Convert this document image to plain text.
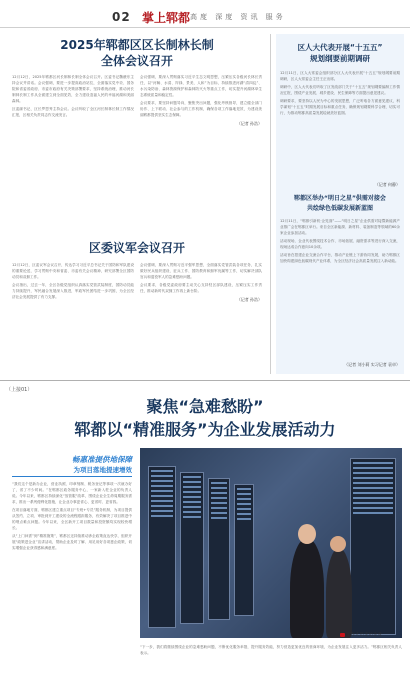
02 掌上郓都 高度 深度 资讯 服务
2025年郓都区区长制林长制
全体会议召开
12月12日，2025年郓都区河长制林长制全体会议召开。区委书记魏薇东主持会议并讲话。会议强调，要进一步提高政治站位，全面落实党中央、国务院和省委省政府、市委市政府有关决策部署要求，坚持系统治理，推动河长制林长制工作从全面建立到全面见效，全力建设造福人民的幸福河湖和美丽森林。
区委副书记、区长罗思秀主持会议。会议听取了全区河长制林长制工作情况汇报，区相关负责同志作交流发言。
会议强调，要深入贯彻落实习近平生态文明思想，压紧压实各级河长林长责任，以“河畅、水清、岸绿、景美、人和”为目标，持续推进河湖“清四乱”、水污染防治、森林资源保护和森林防灭火等重点工作，切实提升河湖林草生态系统质量和稳定性。
会议要求，要坚持问题导向，聚焦突出问题，强化考核督导，建立健全部门协作、上下联动、社会参与的工作机制，确保各项工作落地见效，为建设美丽郓都提供坚实生态保障。
（记者 孙浩）
区委议军会议召开
12月12日，区委议军会议召开，传达学习习近平总书记关于国防和军队建设的重要论述，学习贯彻中央和省委、市委有关会议精神，研究部署全区国防动员和双拥工作。
会议指出，过去一年，全区各级党组织认真落实党管武装制度，国防动员能力持续提升，军民融合发展深入推进，军政军民团结进一步巩固，为全区经济社会发展提供了有力支撑。
会议强调，要深入贯彻习近平强军思想，全面落实党管武装各项任务，扎实做好民兵组织建设、征兵工作、国防教育和拥军优属等工作，切实解决部队官兵和退役军人的急难愁盼问题。
会议要求，各级党委政府要主动关心支持驻区部队建设，压紧压实工作责任，推动新时代双拥工作再上新台阶。
（记者 孙浩）
区人大代表开展“十五五”
规划纲要前期调研
12月11日，区人大常委会组织部分区人大代表开展“十五五”规划纲要前期调研，区人大常委会主任王正出席。
调研中，区人大代表们听取了区发改部门关于“十五五”规划纲要编制工作情况汇报，围绕产业发展、城乡建设、民生保障等方面提出意见建议。
调研要求，要坚持以人民为中心的发展思想，广泛听取各方面意见建议，科学谋划“十五五”时期发展目标和重点任务，确保规划纲要科学合理、切实可行，为推动郓都高质量发展绘就美好蓝图。
（记者 何静）
郓都区举办“明日之星”供需对接会
共绘绿色低碳发展新蓝图
12月11日，“郓都引新机·企见面”——“明日之星”企业供需对接暨新能源产业推广会在郓都区举行。来自全区新能源、新材料、装备制造等领域的60余家企业参加活动。
活动现场，企业代表围绕技术合作、市场拓展、融资需求等进行深入交流，现场达成合作意向10余项。
活动旨在搭建企业交流合作平台，推动产业链上下游协同发展，助力郓都区加快构建绿色低碳现代产业体系，为全区经济社会高质量发展注入新动能。
（记者 刘小莉 实习记者 袁卓）
（上接01）
聚焦“急难愁盼”
郓都以“精准服务”为企业发展活动力
畅惠准提供地保障
为项目落地提速增效
“我们这个是新办企业，营业执照、印章刻制、税务登记等事项一次就办好了，省了不少时间。”在郓都区政务服务中心，一家新入驻企业的负责人说。今年以来，郓都区持续深化“放管服”改革，围绕企业全生命周期服务需求，推出一系列便利化措施，让企业办事更省心、更省时、更省钱。
在项目落地方面，郓都区建立重点项目“专班+专员”服务机制，为项目提供从签约、立项、审批到开工建设的全流程跟踪服务，有效解决了项目推进中的堵点难点问题。今年以来，全区新开工项目数量和投资额均实现较快增长。
从“上门问需”到“精准施策”，郓都区还持续推动涉企政策直达快享，组织开展“政策进企业”宣讲活动，帮助企业及时了解、用足用好各项惠企政策，切实增强企业获得感和满意度。
工作人员走访企业
“下一步，我们将继续围绕企业的急难愁盼问题，不断优化服务举措，提升服务效能，努力营造更加优良的营商环境，为企业发展注入更多活力。”郓都区相关负责人表示。
